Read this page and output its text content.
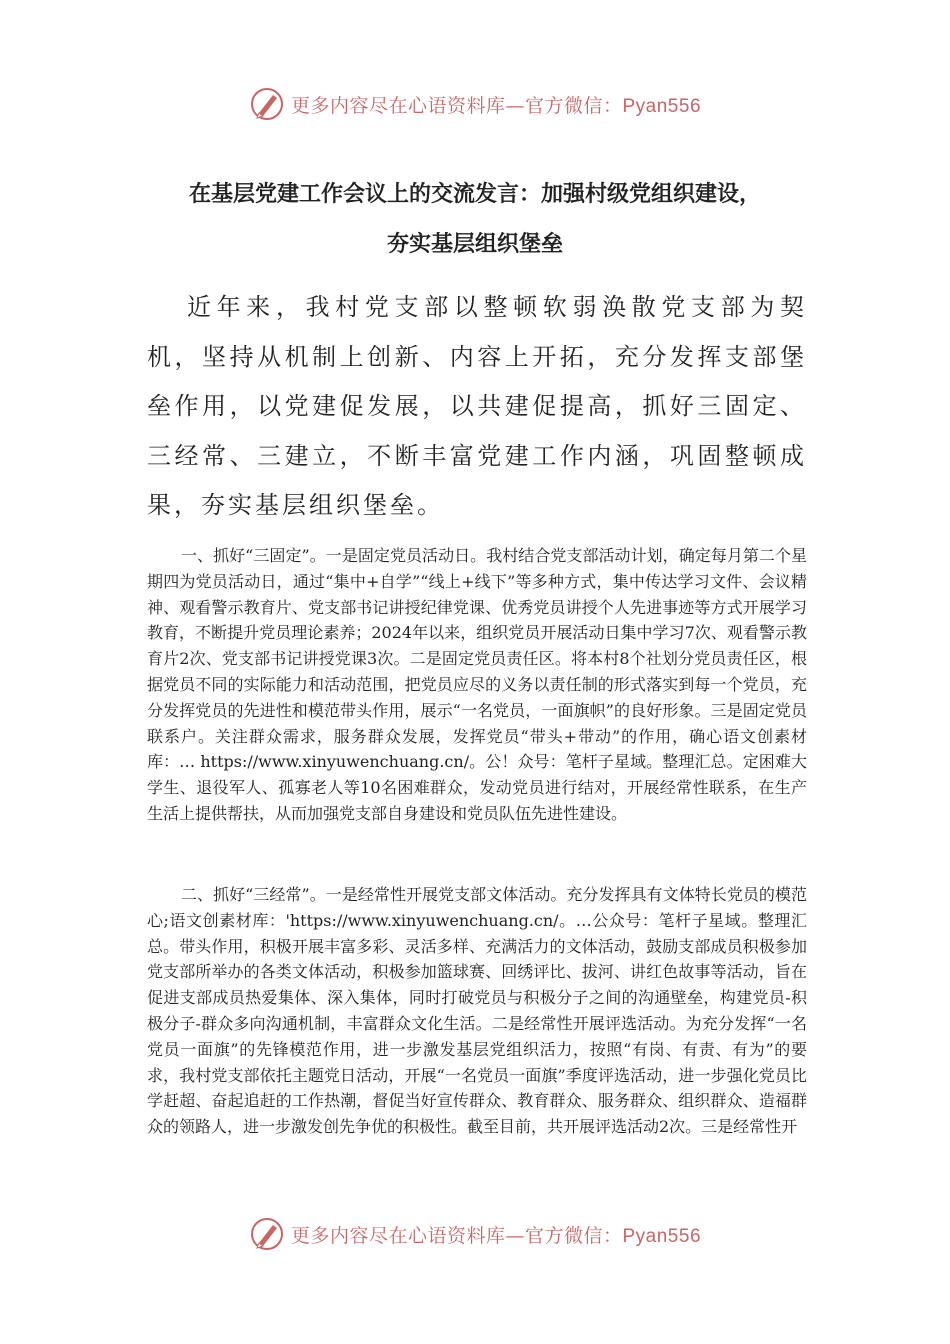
更多内容尽在心语资料库—官方微信：Pyan556
在基层党建工作会议上的交流发言：加强村级党组织建设，
夯实基层组织堡垒

近年来，我村党支部以整顿软弱涣散党支部为契机，坚持从机制上创新、内容上开拓，充分发挥支部堡垒作用，以党建促发展，以共建促提高，抓好三固定、三经常、三建立，不断丰富党建工作内涵，巩固整顿成果，夯实基层组织堡垒。

一、抓好“三固定”。一是固定党员活动日。我村结合党支部活动计划，确定每月第二个星期四为党员活动日，通过“集中+自学”“线上+线下”等多种方式，集中传达学习文件、会议精神、观看警示教育片、党支部书记讲授纪律党课、优秀党员讲授个人先进事迹等方式开展学习教育，不断提升党员理论素养；2024年以来，组织党员开展活动日集中学习7次、观看警示教育片2次、党支部书记讲授党课3次。二是固定党员责任区。将本村8个社划分党员责任区，根据党员不同的实际能力和活动范围，把党员应尽的义务以责任制的形式落实到每一个党员，充分发挥党员的先进性和模范带头作用，展示“一名党员，一面旗帜”的良好形象。三是固定党员联系户。关注群众需求，服务群众发展，发挥党员“带头+带动”的作用，确心语文创素材库：… https://www.xinyuwenchuang.cn/。公！众号：笔杆子星域。整理汇总。定困难大学生、退役军人、孤寡老人等10名困难群众，发动党员进行结对，开展经常性联系，在生产生活上提供帮扶，从而加强党支部自身建设和党员队伍先进性建设。

二、抓好“三经常”。一是经常性开展党支部文体活动。充分发挥具有文体特长党员的模范心;语文创素材库：'https://www.xinyuwenchuang.cn/。…公众号：笔杆子星域。整理汇总。带头作用，积极开展丰富多彩、灵活多样、充满活力的文体活动，鼓励支部成员积极参加党支部所举办的各类文体活动，积极参加篮球赛、回绣评比、拔河、讲红色故事等活动，旨在促进支部成员热爱集体、深入集体，同时打破党员与积极分子之间的沟通壁垒，构建党员-积极分子-群众多向沟通机制，丰富群众文化生活。二是经常性开展评选活动。为充分发挥“一名党员一面旗”的先锋模范作用，进一步激发基层党组织活力，按照“有岗、有责、有为”的要求，我村党支部依托主题党日活动，开展“一名党员一面旗”季度评选活动，进一步强化党员比学赶超、奋起追赶的工作热潮，督促当好宣传群众、教育群众、服务群众、组织群众、造福群众的领路人，进一步激发创先争优的积极性。截至目前，共开展评选活动2次。三是经常性开

更多内容尽在心语资料库—官方微信：Pyan556
